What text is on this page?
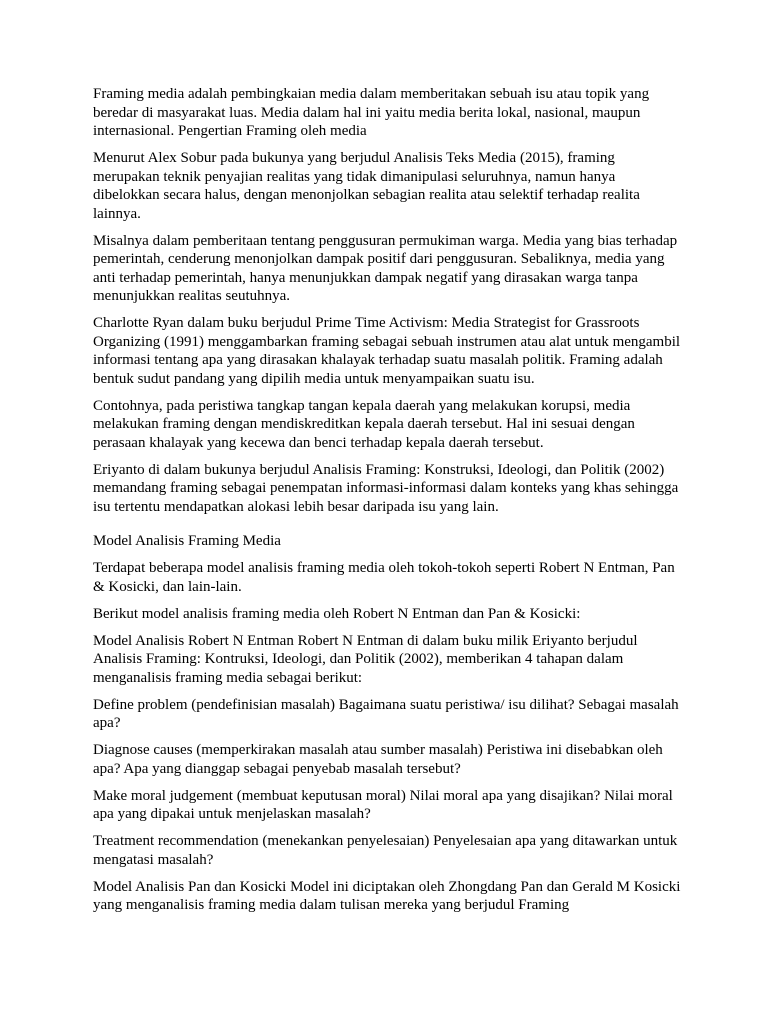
Framing media adalah pembingkaian media dalam memberitakan sebuah isu atau topik yang beredar di masyarakat luas. Media dalam hal ini yaitu media berita lokal, nasional, maupun internasional. Pengertian Framing oleh media

Menurut Alex Sobur pada bukunya yang berjudul Analisis Teks Media (2015), framing merupakan teknik penyajian realitas yang tidak dimanipulasi seluruhnya, namun hanya dibelokkan secara halus, dengan menonjolkan sebagian realita atau selektif terhadap realita lainnya.

Misalnya dalam pemberitaan tentang penggusuran permukiman warga. Media yang bias terhadap pemerintah, cenderung menonjolkan dampak positif dari penggusuran. Sebaliknya, media yang anti terhadap pemerintah, hanya menunjukkan dampak negatif yang dirasakan warga tanpa menunjukkan realitas seutuhnya.

Charlotte Ryan dalam buku berjudul Prime Time Activism: Media Strategist for Grassroots Organizing (1991) menggambarkan framing sebagai sebuah instrumen atau alat untuk mengambil informasi tentang apa yang dirasakan khalayak terhadap suatu masalah politik. Framing adalah bentuk sudut pandang yang dipilih media untuk menyampaikan suatu isu.

Contohnya, pada peristiwa tangkap tangan kepala daerah yang melakukan korupsi, media melakukan framing dengan mendiskreditkan kepala daerah tersebut. Hal ini sesuai dengan perasaan khalayak yang kecewa dan benci terhadap kepala daerah tersebut.

Eriyanto di dalam bukunya berjudul Analisis Framing: Konstruksi, Ideologi, dan Politik (2002) memandang framing sebagai penempatan informasi-informasi dalam konteks yang khas sehingga isu tertentu mendapatkan alokasi lebih besar daripada isu yang lain.

Model Analisis Framing Media

Terdapat beberapa model analisis framing media oleh tokoh-tokoh seperti Robert N Entman, Pan & Kosicki, dan lain-lain.

Berikut model analisis framing media oleh Robert N Entman dan Pan & Kosicki:

Model Analisis Robert N Entman Robert N Entman di dalam buku milik Eriyanto berjudul Analisis Framing: Kontruksi, Ideologi, dan Politik (2002), memberikan 4 tahapan dalam menganalisis framing media sebagai berikut:

Define problem (pendefinisian masalah) Bagaimana suatu peristiwa/ isu dilihat? Sebagai masalah apa?

Diagnose causes (memperkirakan masalah atau sumber masalah) Peristiwa ini disebabkan oleh apa? Apa yang dianggap sebagai penyebab masalah tersebut?

Make moral judgement (membuat keputusan moral) Nilai moral apa yang disajikan? Nilai moral apa yang dipakai untuk menjelaskan masalah?

Treatment recommendation (menekankan penyelesaian) Penyelesaian apa yang ditawarkan untuk mengatasi masalah?

Model Analisis Pan dan Kosicki Model ini diciptakan oleh Zhongdang Pan dan Gerald M Kosicki yang menganalisis framing media dalam tulisan mereka yang berjudul Framing
